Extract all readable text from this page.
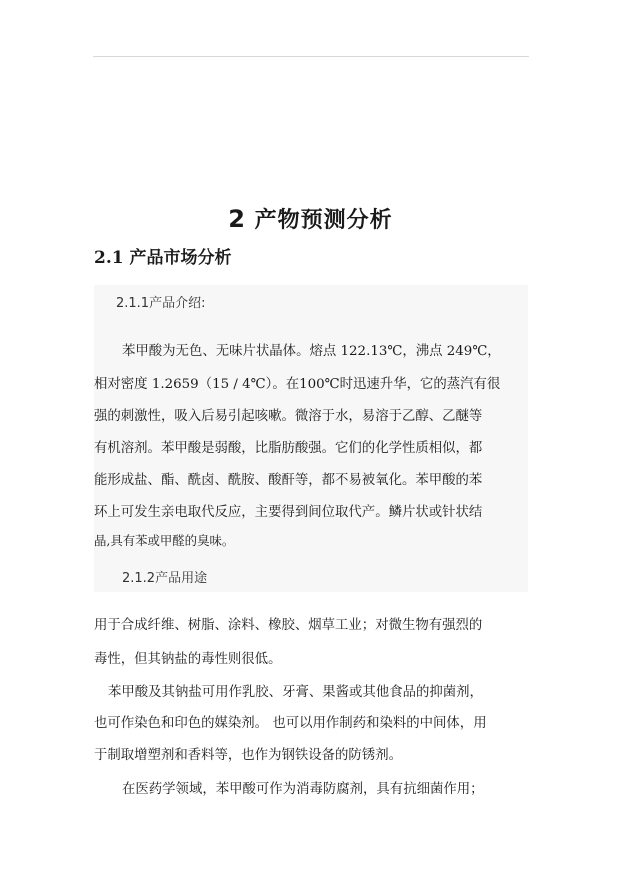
2 产物预测分析
2.1 产品市场分析
2.1.1产品介绍:
苯甲酸为无色、无味片状晶体。熔点 122.13℃，沸点 249℃，
相对密度 1.2659（15 / 4℃）。在100℃时迅速升华，它的蒸汽有很
强的刺激性，吸入后易引起咳嗽。微溶于水，易溶于乙醇、乙醚等
有机溶剂。苯甲酸是弱酸，比脂肪酸强。它们的化学性质相似，都
能形成盐、酯、酰卤、酰胺、酸酐等，都不易被氧化。苯甲酸的苯
环上可发生亲电取代反应，主要得到间位取代产。鳞片状或针状结
晶,具有苯或甲醛的臭味。
2.1.2产品用途
用于合成纤维、树脂、涂料、橡胶、烟草工业；对微生物有强烈的
毒性，但其钠盐的毒性则很低。
苯甲酸及其钠盐可用作乳胶、牙膏、果酱或其他食品的抑菌剂，
也可作染色和印色的媒染剂。 也可以用作制药和染料的中间体，用
于制取增塑剂和香料等，也作为钢铁设备的防锈剂。
在医药学领域，苯甲酸可作为消毒防腐剂，具有抗细菌作用；
